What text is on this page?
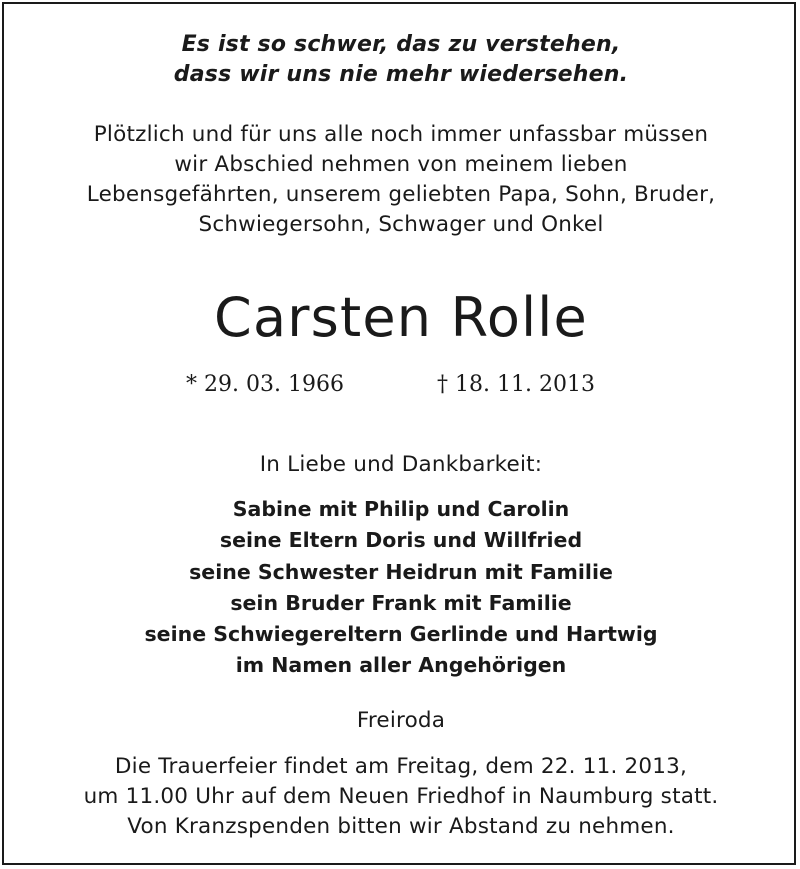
Es ist so schwer, das zu verstehen,

dass wir uns nie mehr wiedersehen.

Plötzlich und für uns alle noch immer unfassbar müssen

wir Abschied nehmen von meinem lieben

Lebensgefährten, unserem geliebten Papa, Sohn, Bruder,

Schwiegersohn, Schwager und Onkel

Carsten Rolle

* 29. 03. 1966	† 18. 11. 2013

In Liebe und Dankbarkeit:

Sabine mit Philip und Carolin

seine Eltern Doris und Willfried

seine Schwester Heidrun mit Familie

sein Bruder Frank mit Familie

seine Schwiegereltern Gerlinde und Hartwig

im Namen aller Angehörigen

Freiroda

Die Trauerfeier findet am Freitag, dem 22. 11. 2013,

um 11.00 Uhr auf dem Neuen Friedhof in Naumburg statt.

Von Kranzspenden bitten wir Abstand zu nehmen.
